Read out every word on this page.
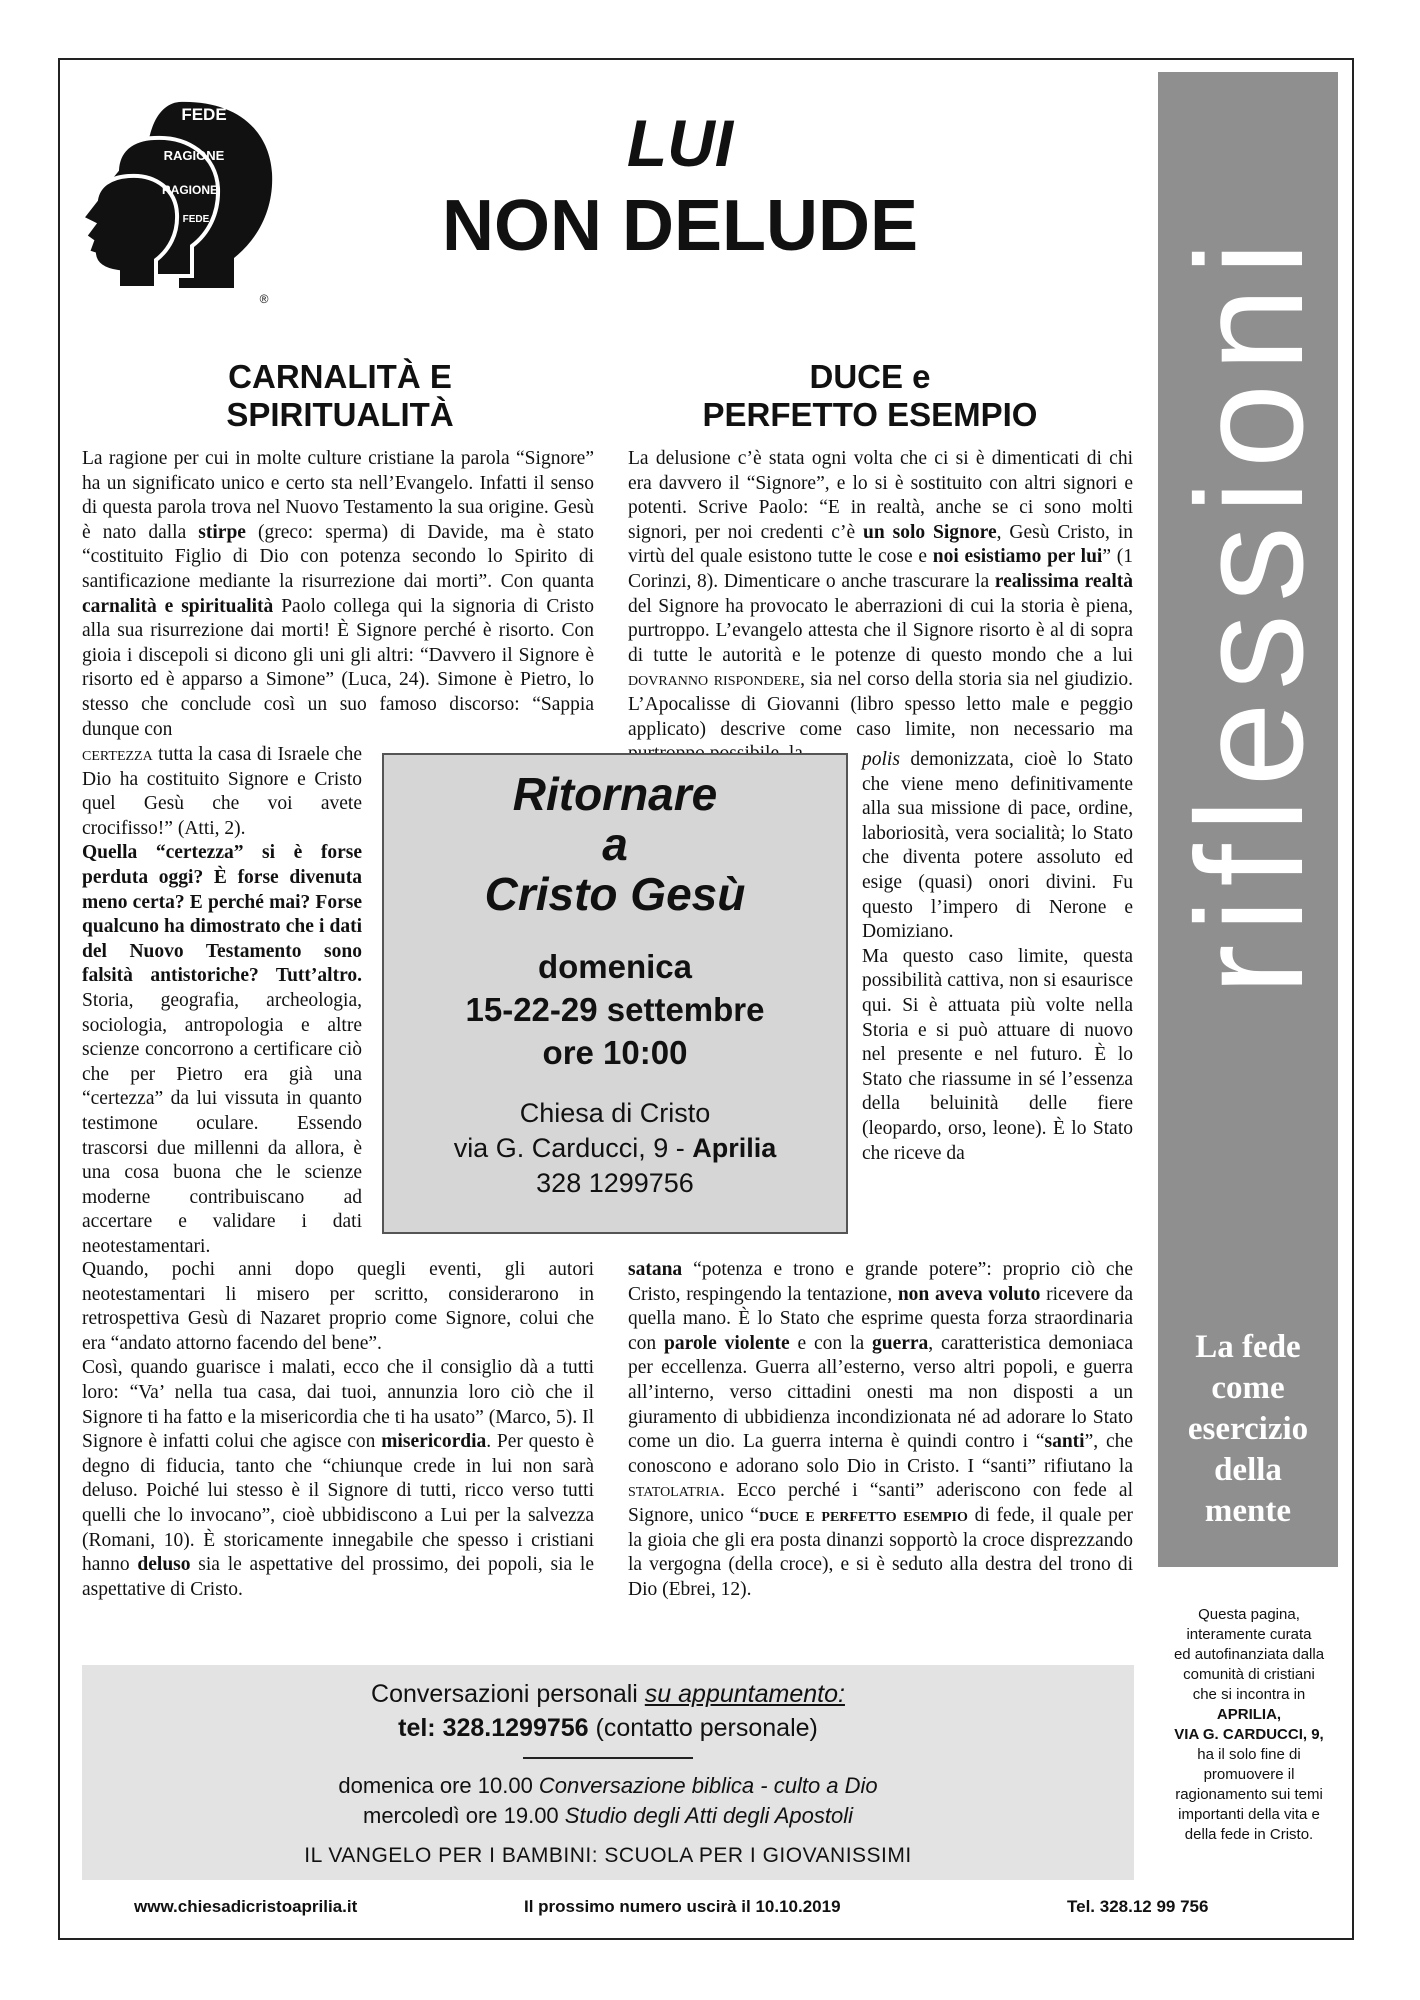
FEDE
RAGIONE
RAGIONE
FEDE
®
LUI
NON DELUDE
CARNALITÀ E
SPIRITUALITÀ

La ragione per cui in molte culture cristiane la parola “Signore” ha un significato unico e certo sta nell’Evangelo. Infatti il senso di questa parola trova nel Nuovo Testamento la sua origine. Gesù è nato dalla stirpe (greco: sperma) di Davide, ma è stato “costituito Figlio di Dio con potenza secondo lo Spirito di santificazione mediante la risurrezione dai morti”. Con quanta carnalità e spiritualità Paolo collega qui la signoria di Cristo alla sua risurrezione dai morti! È Signore perché è risorto. Con gioia i discepoli si dicono gli uni gli altri: “Davvero il Signore è risorto ed è apparso a Simone” (Luca, 24). Simone è Pietro, lo stesso che conclude così un suo famoso discorso: “Sappia dunque con

certezza tutta la casa di Israele che Dio ha costituito Signore e Cristo quel Gesù che voi avete crocifisso!” (Atti, 2).

Quella “certezza” si è forse perduta oggi? È forse divenuta meno certa? E perché mai? Forse qualcuno ha dimostrato che i dati del Nuovo Testamento sono falsità antistoriche? Tutt’altro. Storia, geografia, archeologia, sociologia, antropologia e altre scienze concorrono a certificare ciò che per Pietro era già una “certezza” da lui vissuta in quanto testimone oculare. Essendo trascorsi due millenni da allora, è una cosa buona che le scienze moderne contribuiscano ad accertare e validare i dati neotestamentari.

Quando, pochi anni dopo quegli eventi, gli autori neotestamentari li misero per scritto, considerarono in retrospettiva Gesù di Nazaret proprio come Signore, colui che era “andato attorno facendo del bene”.

Così, quando guarisce i malati, ecco che il consiglio dà a tutti loro: “Va’ nella tua casa, dai tuoi, annunzia loro ciò che il Signore ti ha fatto e la misericordia che ti ha usato” (Marco, 5). Il Signore è infatti colui che agisce con misericordia. Per questo è degno di fiducia, tanto che “chiunque crede in lui non sarà deluso. Poiché lui stesso è il Signore di tutti, ricco verso tutti quelli che lo invocano”, cioè ubbidiscono a Lui per la salvezza (Romani, 10). È storicamente innegabile che spesso i cristiani hanno deluso sia le aspettative del prossimo, dei popoli, sia le aspettative di Cristo.

DUCE e
PERFETTO ESEMPIO

La delusione c’è stata ogni volta che ci si è dimenticati di chi era davvero il “Signore”, e lo si è sostituito con altri signori e potenti. Scrive Paolo: “E in realtà, anche se ci sono molti signori, per noi credenti c’è un solo Signore, Gesù Cristo, in virtù del quale esistono tutte le cose e noi esistiamo per lui” (1 Corinzi, 8). Dimenticare o anche trascurare la realissima realtà del Signore ha provocato le aberrazioni di cui la storia è piena, purtroppo. L’evangelo attesta che il Signore risorto è al di sopra di tutte le autorità e le potenze di questo mondo che a lui dovranno rispondere, sia nel corso della storia sia nel giudizio. L’Apocalisse di Giovanni (libro spesso letto male e peggio applicato) descrive come caso limite, non necessario ma

polis demonizzata, cioè lo Stato che viene meno definitivamente alla sua missione di pace, ordine, laboriosità, vera socialità; lo Stato che diventa potere assoluto ed esige (quasi) onori divini. Fu questo l’impero di Nerone e Domiziano.

Ma questo caso limite, questa possibilità cattiva, non si esaurisce qui. Si è attuata più volte nella Storia e si può attuare di nuovo nel presente e nel futuro. È lo Stato che riassume in sé l’essenza della beluinità delle fiere (leopardo, orso, leone). È lo Stato che riceve da

satana “potenza e trono e grande potere”: proprio ciò che Cristo, respingendo la tentazione, non aveva voluto ricevere da quella mano. È lo Stato che esprime questa forza straordinaria con parole violente e con la guerra, caratteristica demoniaca per eccellenza. Guerra all’esterno, verso altri popoli, e guerra all’interno, verso cittadini onesti ma non disposti a un giuramento di ubbidienza incondizionata né ad adorare lo Stato come un dio. La guerra interna è quindi contro i “santi”, che conoscono e adorano solo Dio in Cristo. I “santi” rifiutano la statolatria. Ecco perché i “santi” aderiscono con fede al Signore, unico “duce e perfetto esempio di fede, il quale per la gioia che gli era posta dinanzi sopportò la croce disprezzando la vergogna (della croce), e si è seduto alla destra del trono di Dio (Ebrei, 12).

Ritornare
a
Cristo Gesù
domenica
15-22-29 settembre
ore 10:00
Chiesa di Cristo
via G. Carducci, 9 - Aprilia
328 1299756
La fede
come
esercizio
della
mente
Questa pagina,
interamente curata
ed autofinanziata dalla
comunità di cristiani
che si incontra in
APRILIA,
VIA G. CARDUCCI, 9,
ha il solo fine di
promuovere il
ragionamento sui temi
importanti della vita e
della fede in Cristo.
Conversazioni personali su appuntamento:
tel: 328.1299756 (contatto personale)
domenica ore 10.00 Conversazione biblica - culto a Dio
mercoledì ore 19.00 Studio degli Atti degli Apostoli
IL VANGELO PER I BAMBINI: SCUOLA PER I GIOVANISSIMI
www.chiesadicristoaprilia.it	Il prossimo numero uscirà il 10.10.2019	Tel. 328.12 99 756
